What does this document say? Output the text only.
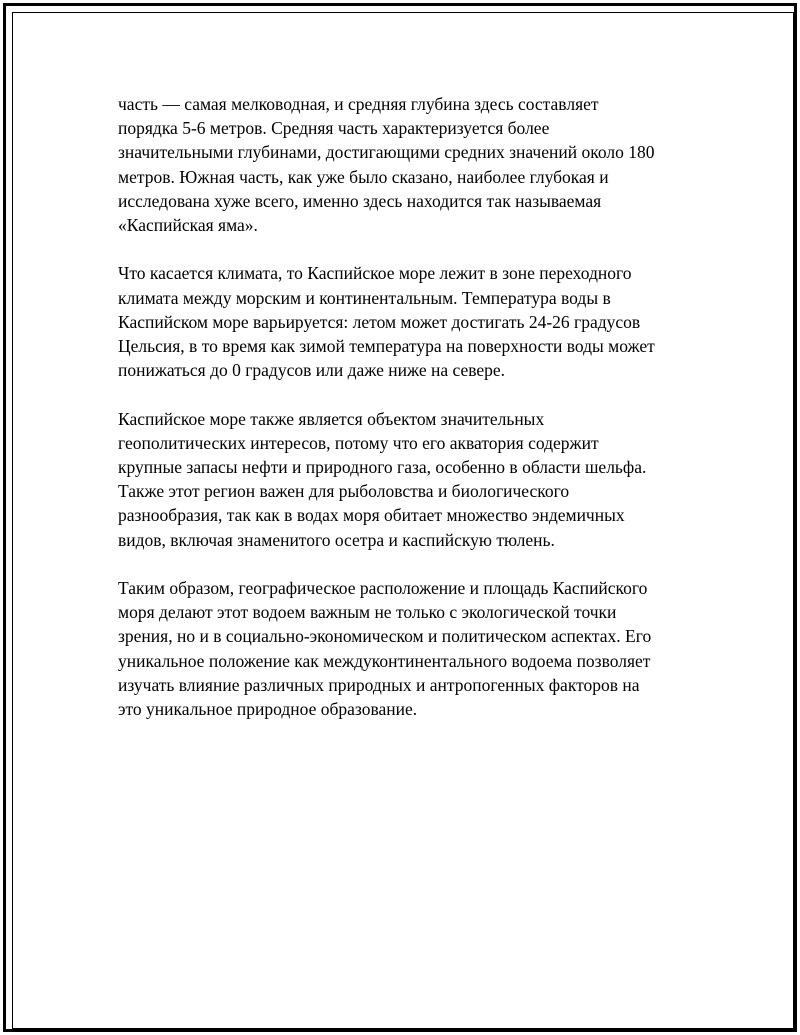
часть — самая мелководная, и средняя глубина здесь составляет
порядка 5-6 метров. Средняя часть характеризуется более
значительными глубинами, достигающими средних значений около 180
метров. Южная часть, как уже было сказано, наиболее глубокая и
исследована хуже всего, именно здесь находится так называемая
«Каспийская яма».

Что касается климата, то Каспийское море лежит в зоне переходного
климата между морским и континентальным. Температура воды в
Каспийском море варьируется: летом может достигать 24-26 градусов
Цельсия, в то время как зимой температура на поверхности воды может
понижаться до 0 градусов или даже ниже на севере.

Каспийское море также является объектом значительных
геополитических интересов, потому что его акватория содержит
крупные запасы нефти и природного газа, особенно в области шельфа.
Также этот регион важен для рыболовства и биологического
разнообразия, так как в водах моря обитает множество эндемичных
видов, включая знаменитого осетра и каспийскую тюлень.

Таким образом, географическое расположение и площадь Каспийского
моря делают этот водоем важным не только с экологической точки
зрения, но и в социально-экономическом и политическом аспектах. Его
уникальное положение как междуконтинентального водоема позволяет
изучать влияние различных природных и антропогенных факторов на
это уникальное природное образование.
